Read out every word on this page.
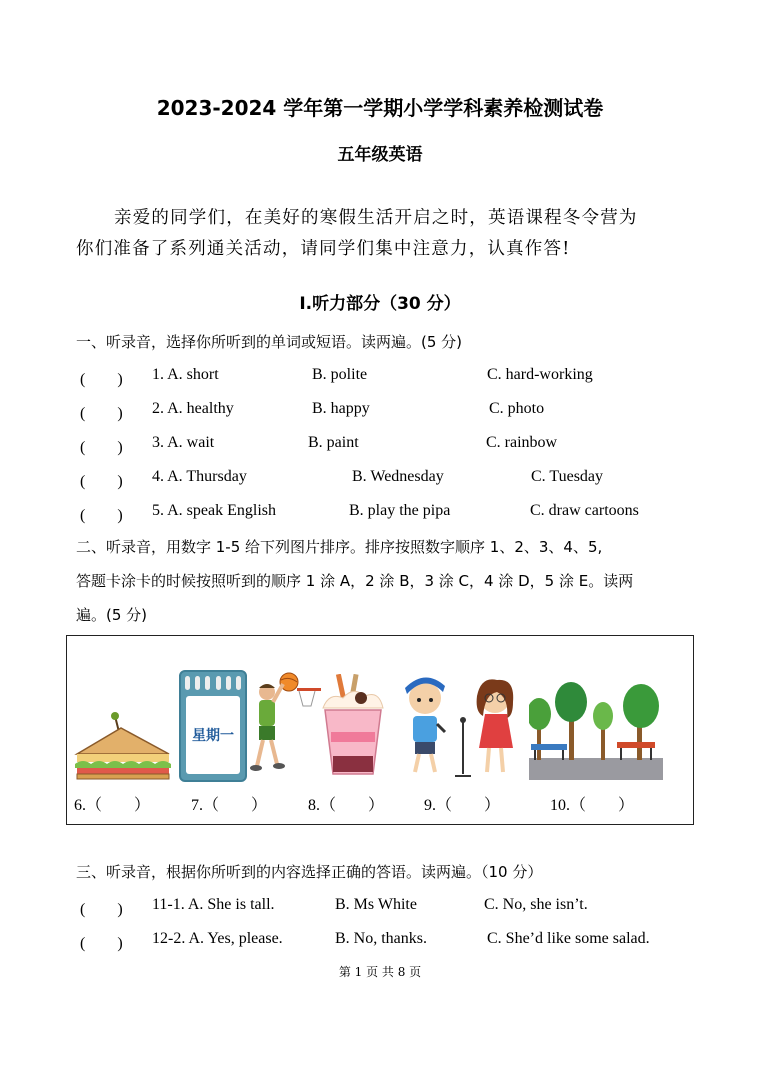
2023-2024 学年第一学期小学学科素养检测试卷
五年级英语
亲爱的同学们，在美好的寒假生活开启之时，英语课程冬令营为
你们准备了系列通关活动，请同学们集中注意力，认真作答!
Ⅰ.听力部分（30 分）
一、听录音，选择你所听到的单词或短语。读两遍。(5 分)
(　　) 1. A. short	B. polite	C. hard-working
(　　) 2. A. healthy	B. happy	C. photo
(　　) 3. A. wait	B. paint	C. rainbow
(　　) 4. A. Thursday	B. Wednesday	C. Tuesday
(　　) 5. A. speak English	B. play the pipa	C. draw cartoons
二、听录音，用数字 1-5 给下列图片排序。排序按照数字顺序 1、2、3、4、5,
答题卡涂卡的时候按照听到的顺序 1 涂 A，2 涂 B，3 涂 C，4 涂 D，5 涂 E。读两
遍。(5 分)
星期一
6.（　　）	7.（　　）	8.（　　） 9.（　　）	10.（　　）
三、听录音，根据你所听到的内容选择正确的答语。读两遍。（10 分）
(　　) 11-1. A. She is tall.	B. Ms White	C. No, she isn’t.
(　　) 12-2. A. Yes, please.	B. No, thanks.	C. She’d like some salad.
第 1 页 共 8 页
